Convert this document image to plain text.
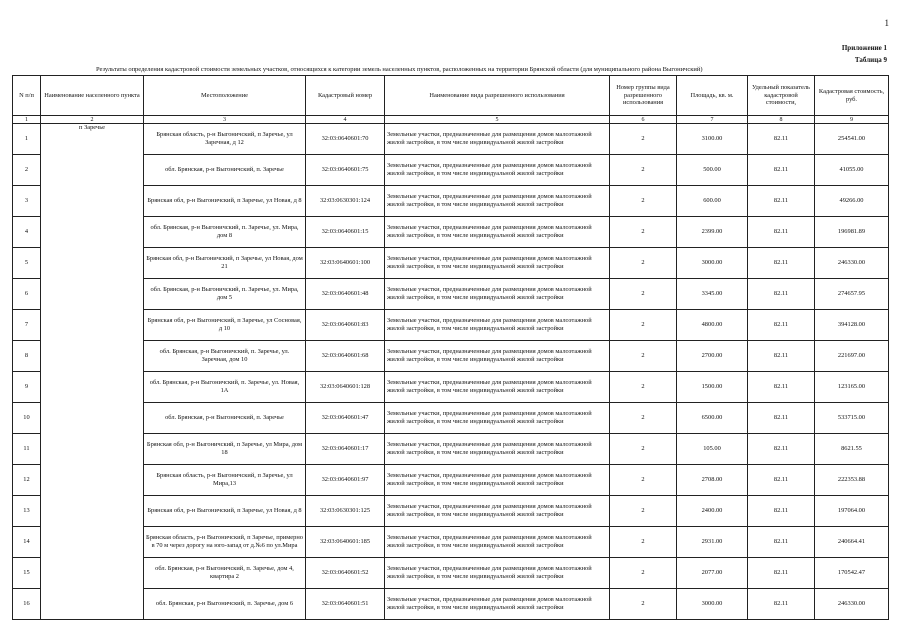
1
Приложение 1
Таблица 9
Результаты определения кадастровой стоимости земельных участков, относящихся к категории земель населенных пунктов, расположенных на территории Брянской области (для муниципального района Выгоничский)
N п/п	Наименование населенного пункта	Местоположение	Кадастровый номер	Наименование вида разрешенного использования	Номер группы вида разрешенного использования	Площадь, кв. м.	Удельный показатель кадастровой стоимости,	Кадастровая стоимость, руб.
1	2	3	4	5	6	7	8	9
1	п Заречье	Брянская область, р-н Выгоничский, п Заречье, ул Заречная, д 12	32:03:0640601:70	Земельные участки, предназначенные для размещения домов малоэтажной жилой застройки, в том числе индивидуальной жилой застройки	2	3100.00	82.11	254541.00
2		обл. Брянская, р-н Выгоничский, п. Заречье	32:03:0640601:75	Земельные участки, предназначенные для размещения домов малоэтажной жилой застройки, в том числе индивидуальной жилой застройки	2	500.00	82.11	41055.00
3		Брянская обл, р-н Выгоничский, п Заречье, ул Новая, д 8	32:03:0630301:124	Земельные участки, предназначенные для размещения домов малоэтажной жилой застройки, в том числе индивидуальной жилой застройки	2	600.00	82.11	49266.00
4		обл. Брянская, р-н Выгоничский, п. Заречье, ул. Мира, дом 8	32:03:0640601:15	Земельные участки, предназначенные для размещения домов малоэтажной жилой застройки, в том числе индивидуальной жилой застройки	2	2399.00	82.11	196981.89
5		Брянская обл, р-н Выгоничский, п Заречье, ул Новая, дом 21	32:03:0640601:100	Земельные участки, предназначенные для размещения домов малоэтажной жилой застройки, в том числе индивидуальной жилой застройки	2	3000.00	82.11	246330.00
6		обл. Брянская, р-н Выгоничский, п. Заречье, ул. Мира, дом 5	32:03:0640601:48	Земельные участки, предназначенные для размещения домов малоэтажной жилой застройки, в том числе индивидуальной жилой застройки	2	3345.00	82.11	274657.95
7		Брянская обл, р-н Выгоничский, п Заречье, ул Сосновая, д 10	32:03:0640601:83	Земельные участки, предназначенные для размещения домов малоэтажной жилой застройки, в том числе индивидуальной жилой застройки	2	4800.00	82.11	394128.00
8		обл. Брянская, р-н Выгоничский, п. Заречье, ул. Заречная, дом 10	32:03:0640601:68	Земельные участки, предназначенные для размещения домов малоэтажной жилой застройки, в том числе индивидуальной жилой застройки	2	2700.00	82.11	221697.00
9		обл. Брянская, р-н Выгоничский, п. Заречье, ул. Новая, 1А	32:03:0640601:128	Земельные участки, предназначенные для размещения домов малоэтажной жилой застройки, в том числе индивидуальной жилой застройки	2	1500.00	82.11	123165.00
10		обл. Брянская, р-н Выгоничский, п. Заречье	32:03:0640601:47	Земельные участки, предназначенные для размещения домов малоэтажной жилой застройки, в том числе индивидуальной жилой застройки	2	6500.00	82.11	533715.00
11		Брянская обл, р-н Выгоничский, п Заречье, ул Мира, дом 18	32:03:0640601:17	Земельные участки, предназначенные для размещения домов малоэтажной жилой застройки, в том числе индивидуальной жилой застройки	2	105.00	82.11	8621.55
12		Брянская область, р-н Выгоничский, п Заречье, ул Мира,13	32:03:0640601:97	Земельные участки, предназначенные для размещения домов малоэтажной жилой застройки, в том числе индивидуальной жилой застройки	2	2708.00	82.11	222353.88
13		Брянская обл, р-н Выгоничский, п Заречье, ул Новая, д 8	32:03:0630301:125	Земельные участки, предназначенные для размещения домов малоэтажной жилой застройки, в том числе индивидуальной жилой застройки	2	2400.00	82.11	197064.00
14		Брянская область, р-н Выгоничский, п Заречье, примерно в 70 м через дорогу на юго-запад от д.№6 по ул.Мира	32:03:0640601:185	Земельные участки, предназначенные для размещения домов малоэтажной жилой застройки, в том числе индивидуальной жилой застройки	2	2931.00	82.11	240664.41
15		обл. Брянская, р-н Выгоничский, п. Заречье, дом 4, квартира 2	32:03:0640601:52	Земельные участки, предназначенные для размещения домов малоэтажной жилой застройки, в том числе индивидуальной жилой застройки	2	2077.00	82.11	170542.47
16		обл. Брянская, р-н Выгоничский, п. Заречье, дом 6	32:03:0640601:51	Земельные участки, предназначенные для размещения домов малоэтажной жилой застройки, в том числе индивидуальной жилой застройки	2	3000.00	82.11	246330.00
